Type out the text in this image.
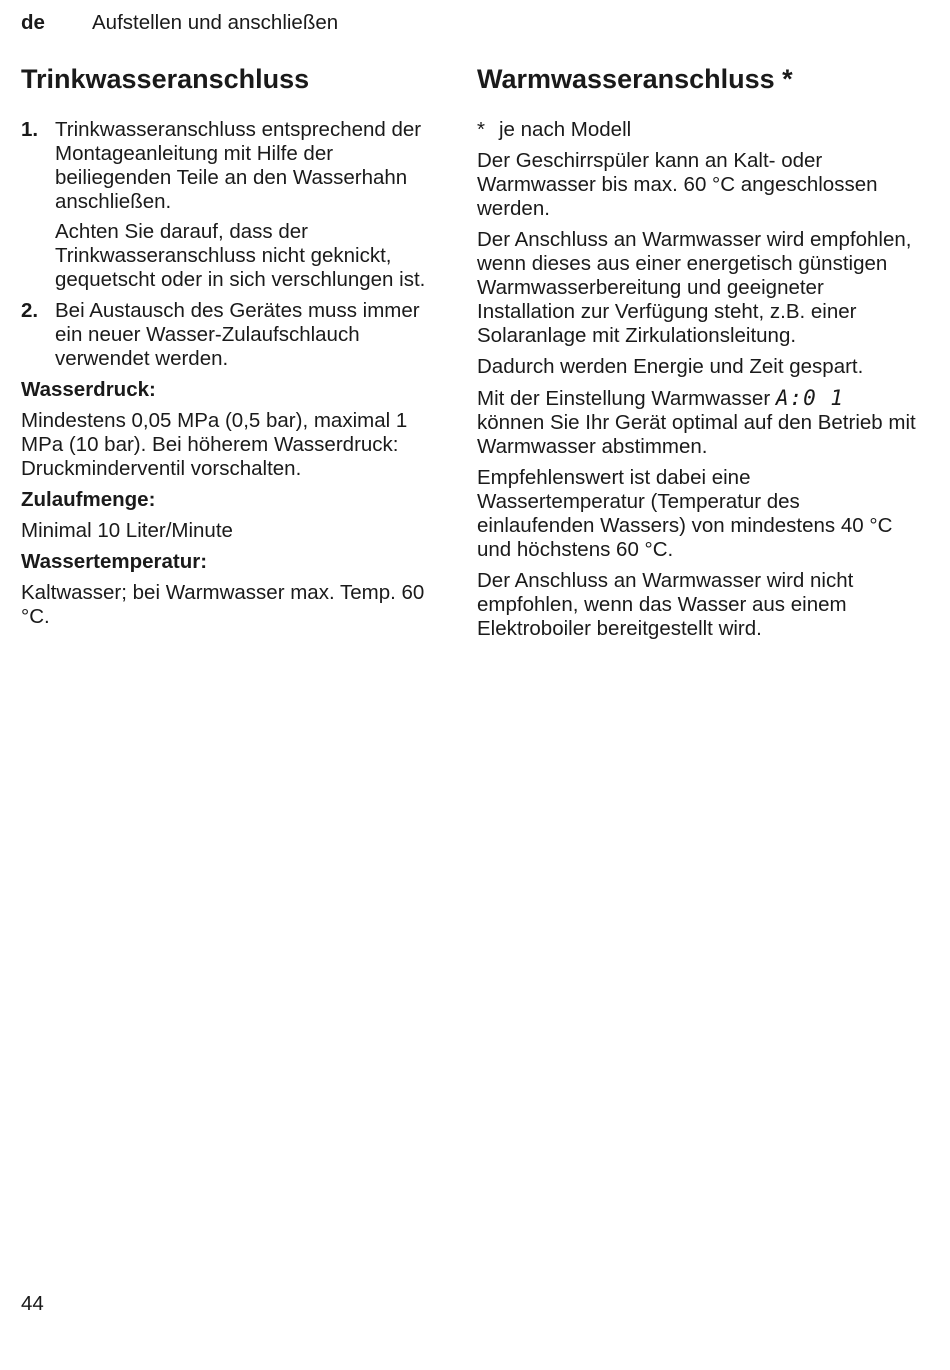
de Aufstellen und anschließen
Trinkwasseranschluss
1. Trinkwasseranschluss entsprechend der Montageanleitung mit Hilfe der beiliegenden Teile an den Wasserhahn anschließen.

Achten Sie darauf, dass der Trinkwasseranschluss nicht geknickt, gequetscht oder in sich verschlungen ist.

2. Bei Austausch des Gerätes muss immer ein neuer Wasser-Zulaufschlauch verwendet werden.

Wasserdruck:

Mindestens 0,05 MPa (0,5 bar), maximal 1 MPa (10 bar). Bei höherem Wasserdruck: Druckminderventil vorschalten.

Zulaufmenge:

Minimal 10 Liter/Minute

Wassertemperatur:

Kaltwasser; bei Warmwasser max. Temp. 60 °C.

Warmwasseranschluss *

* je nach Modell

Der Geschirrspüler kann an Kalt- oder Warmwasser bis max. 60 °C angeschlossen werden.

Der Anschluss an Warmwasser wird empfohlen, wenn dieses aus einer energetisch günstigen Warmwasserbereitung und geeigneter Installation zur Verfügung steht, z.B. einer Solaranlage mit Zirkulationsleitung.

Dadurch werden Energie und Zeit gespart.

Mit der Einstellung Warmwasser A:0 1 können Sie Ihr Gerät optimal auf den Betrieb mit Warmwasser abstimmen.

Empfehlenswert ist dabei eine Wassertemperatur (Temperatur des einlaufenden Wassers) von mindestens 40 °C und höchstens 60 °C.

Der Anschluss an Warmwasser wird nicht empfohlen, wenn das Wasser aus einem Elektroboiler bereitgestellt wird.

44
